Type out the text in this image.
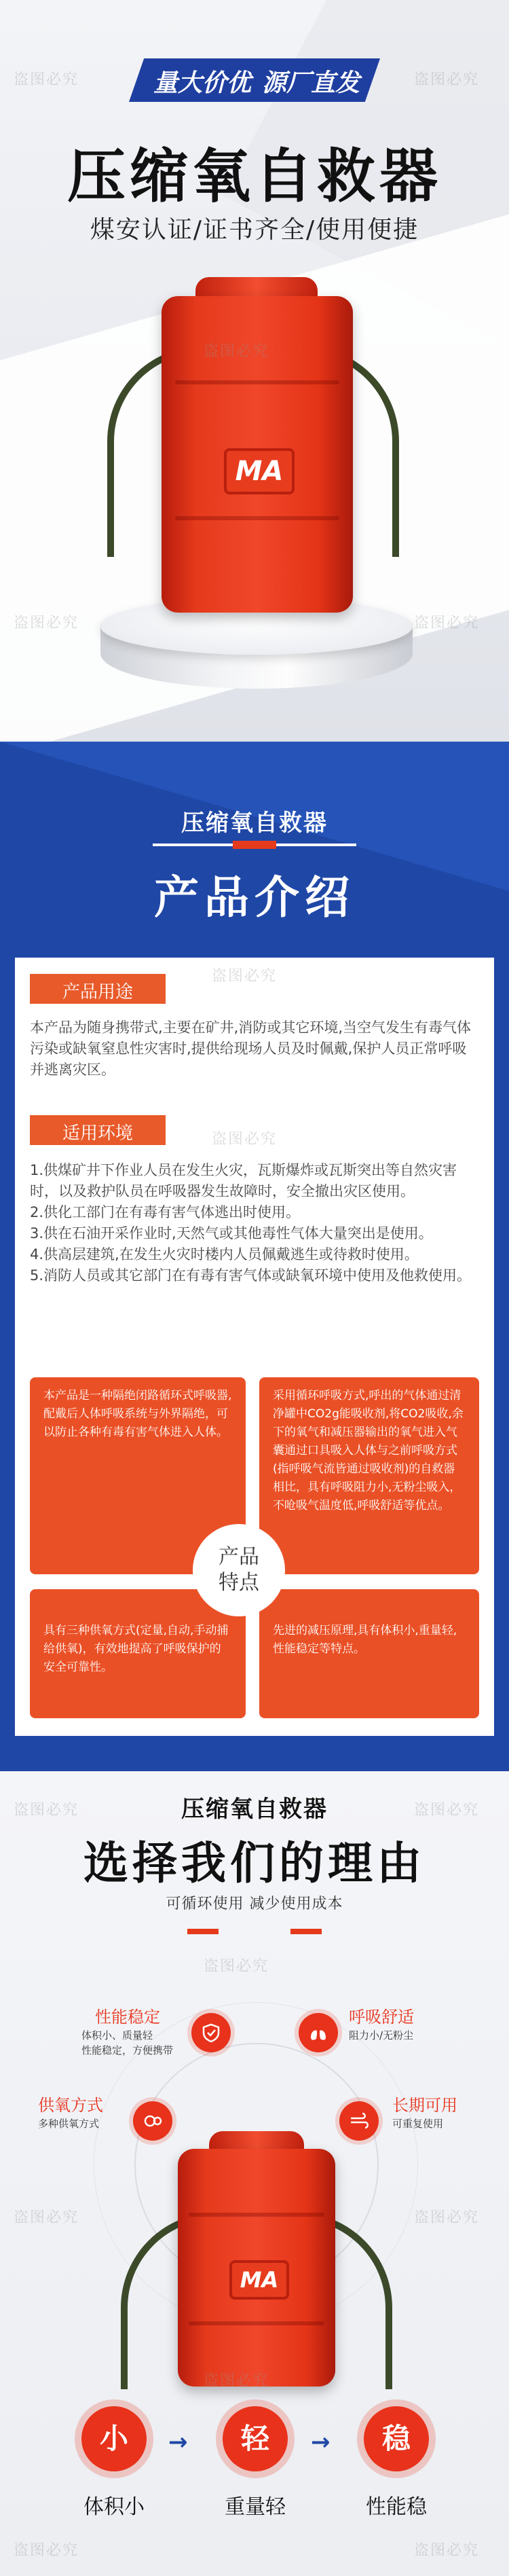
量大价优 源厂直发
压缩氧自救器
煤安认证/证书齐全/使用便捷
MA
盗图必究	盗图必究
盗图必究
盗图必究	盗图必究
压缩氧自救器
产品介绍
产品用途
本产品为随身携带式,主要在矿井,消防或其它环境,当空气发生有毒气体污染或缺氧窒息性灾害时,提供给现场人员及时佩戴,保护人员正常呼吸并逃离灾区。
适用环境
1.供煤矿井下作业人员在发生火灾，瓦斯爆炸或瓦斯突出等自然灾害时，以及救护队员在呼吸器发生故障时，安全撤出灾区使用。
2.供化工部门在有毒有害气体逃出时使用。
3.供在石油开采作业时,天然气或其他毒性气体大量突出是使用。
4.供高层建筑,在发生火灾时楼内人员佩戴逃生或待救时使用。
5.消防人员或其它部门在有毒有害气体或缺氧环境中使用及他救使用。
本产品是一种隔绝闭路循环式呼吸器,配戴后人体呼吸系统与外界隔绝，可以防止各种有毒有害气体进入人体。
采用循环呼吸方式,呼出的气体通过清净罐中CO2g能吸收剂,将CO2吸收,余下的氧气和减压器输出的氧气进入气囊通过口具吸入人体与之前呼吸方式(指呼吸气流皆通过吸收剂)的自救器相比，具有呼吸阻力小,无粉尘吸入，不呛吸气温度低,呼吸舒适等优点。
具有三种供氧方式(定量,自动,手动捕给供氧)，有效地提高了呼吸保护的安全可靠性。
先进的减压原理,具有体积小,重量轻,性能稳定等特点。
产品
特点
盗图必究
盗图必究
压缩氧自救器
选择我们的理由
可循环使用 减少使用成本
性能稳定
体积小、质量轻
性能稳定，方便携带
呼吸舒适
阻力小/无粉尘
供氧方式
多种供氧方式
长期可用
可重复使用
MA
小	→	轻	→	稳
体积小	重量轻	性能稳
盗图必究	盗图必究
盗图必究
盗图必究	盗图必究
盗图必究
盗图必究	盗图必究
